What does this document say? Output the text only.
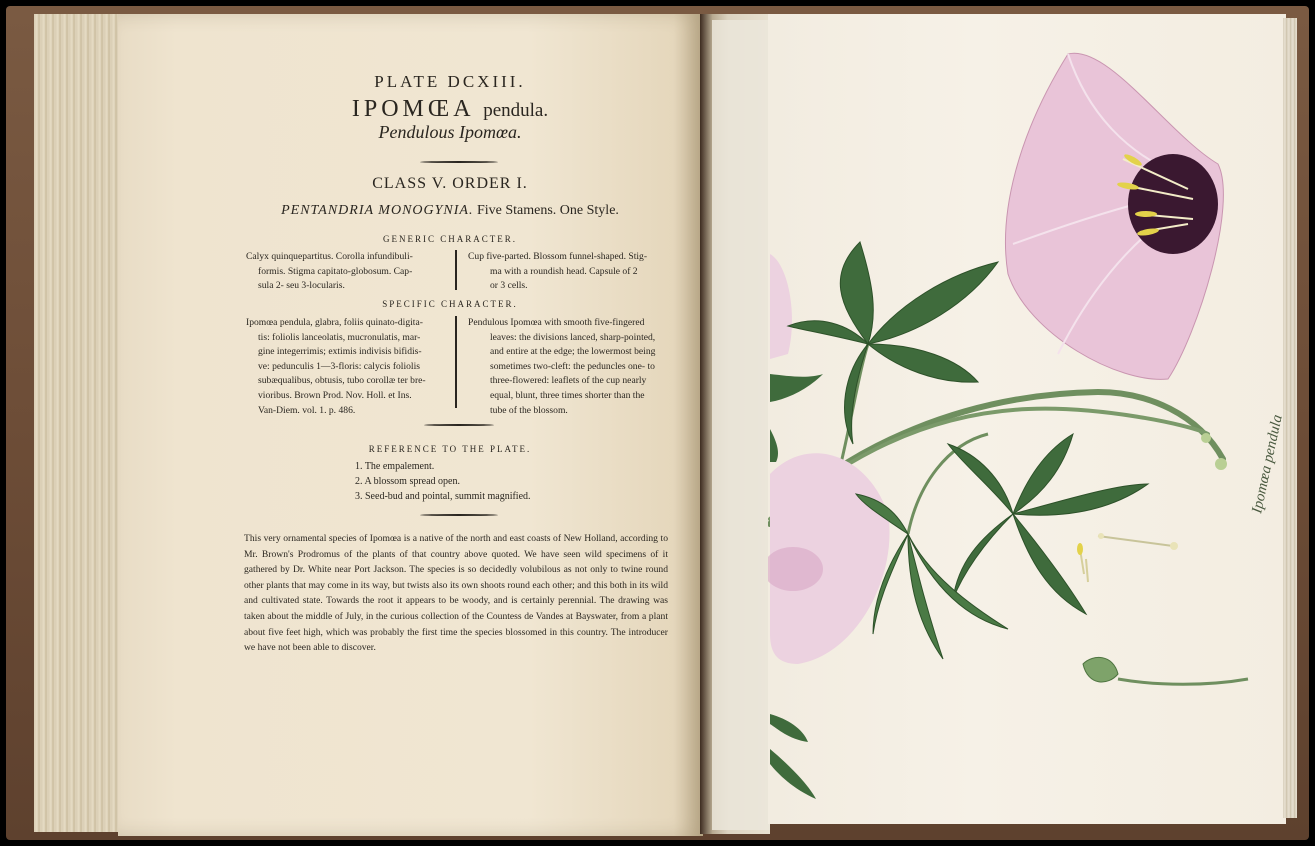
PLATE DCXIII.
IPOMŒA pendula.
Pendulous Ipomœa.
CLASS V. ORDER I.
PENTANDRIA MONOGYNIA. Five Stamens. One Style.
GENERIC CHARACTER.
Calyx quinquepartitus. Corolla infundibuli-
formis. Stigma capitato-globosum. Cap-
sula 2- seu 3-locularis.
Cup five-parted. Blossom funnel-shaped. Stig-
ma with a roundish head. Capsule of 2
or 3 cells.
SPECIFIC CHARACTER.
Ipomœa pendula, glabra, foliis quinato-digita-
tis: foliolis lanceolatis, mucronulatis, mar-
gine integerrimis; extimis indivisis bifidis-
ve: pedunculis 1—3-floris: calycis foliolis
subæqualibus, obtusis, tubo corollæ ter bre-
vioribus. Brown Prod. Nov. Holl. et Ins.
Van-Diem. vol. 1. p. 486.
Pendulous Ipomœa with smooth five-fingered
leaves: the divisions lanced, sharp-pointed,
and entire at the edge; the lowermost being
sometimes two-cleft: the peduncles one- to
three-flowered: leaflets of the cup nearly
equal, blunt, three times shorter than the
tube of the blossom.
REFERENCE TO THE PLATE.
1. The empalement.
2. A blossom spread open.
3. Seed-bud and pointal, summit magnified.
This very ornamental species of Ipomœa is a native of the north and east coasts of New Holland, according to Mr. Brown's Prodromus of the plants of that country above quoted. We have seen wild specimens of it gathered by Dr. White near Port Jackson. The species is so decidedly volubilous as not only to twine round other plants that may come in its way, but twists also its own shoots round each other; and this both in its wild and cultivated state. Towards the root it appears to be woody, and is certainly perennial. The drawing was taken about the middle of July, in the curious collection of the Countess de Vandes at Bayswater, from a plant about five feet high, which was probably the first time the species blossomed in this country. The introducer we have not been able to discover.
Ipomœa pendula
